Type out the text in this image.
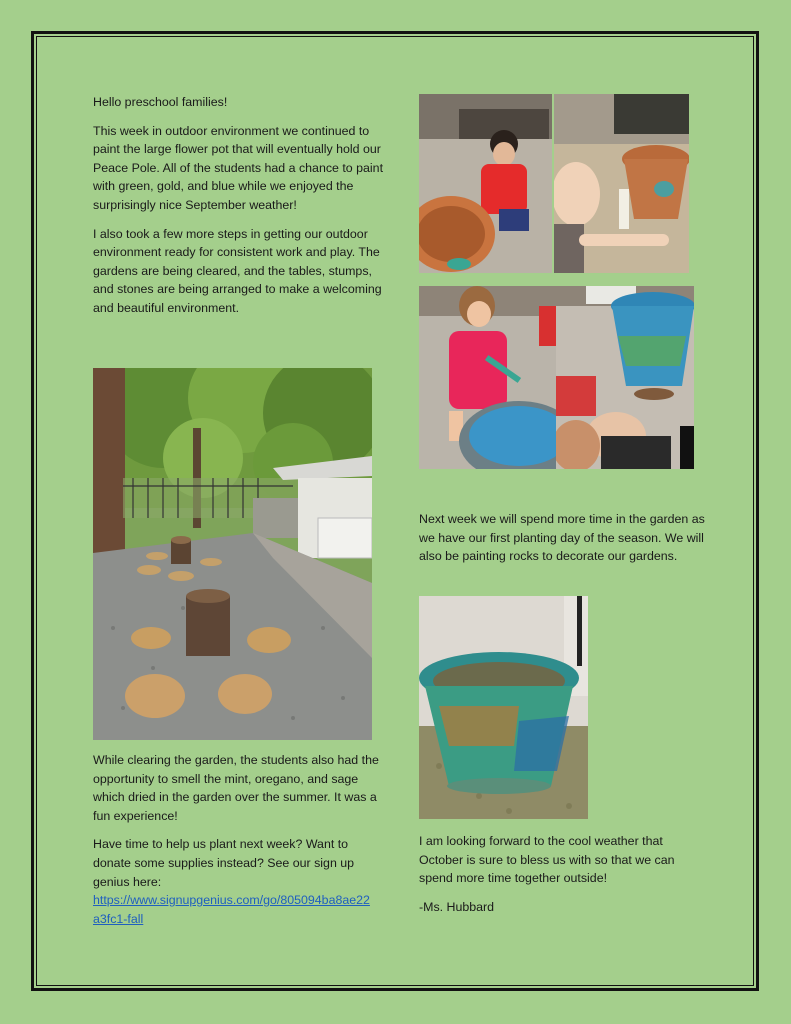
Hello preschool families!

This week in outdoor environment we continued to paint the large flower pot that will eventually hold our Peace Pole. All of the students had a chance to paint with green, gold, and blue while we enjoyed the surprisingly nice September weather!

I also took a few more steps in getting our outdoor environment ready for consistent work and play. The gardens are being cleared, and the tables, stumps, and stones are being arranged to make a welcoming and beautiful environment.

While clearing the garden, the students also had the opportunity to smell the mint, oregano, and sage which dried in the garden over the summer. It was a fun experience!

Have time to help us plant next week? Want to donate some supplies instead? See our sign up genius here:

https://www.signupgenius.com/go/805094ba8ae22a3fc1-fall

Next week we will spend more time in the garden as we have our first planting day of the season. We will also be painting rocks to decorate our gardens.

I am looking forward to the cool weather that October is sure to bless us with so that we can spend more time together outside!

-Ms. Hubbard
